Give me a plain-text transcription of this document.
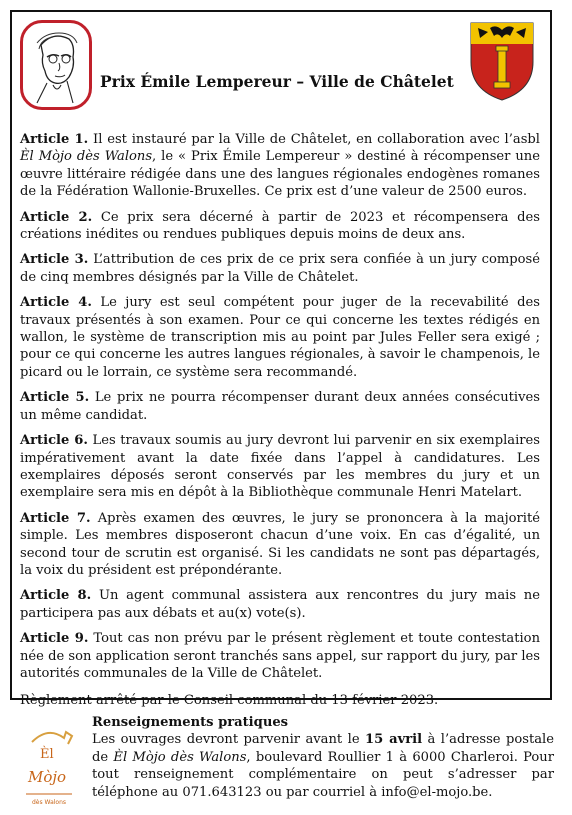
Prix Émile Lempereur – Ville de Châtelet

Article 1. Il est instauré par la Ville de Châtelet, en collaboration avec l’asbl Èl Mòjo dès Walons, le « Prix Émile Lempereur » destiné à récompenser une œuvre littéraire rédigée dans une des langues régionales endogènes romanes de la Fédération Wallonie-Bruxelles. Ce prix est d’une valeur de 2500 euros.

Article 2. Ce prix sera décerné à partir de 2023 et récompensera des créations inédites ou rendues publiques depuis moins de deux ans.

Article 3. L’attribution de ces prix de ce prix sera confiée à un jury composé de cinq membres désignés par la Ville de Châtelet.

Article 4. Le jury est seul compétent pour juger de la recevabilité des travaux présentés à son examen. Pour ce qui concerne les textes rédigés en wallon, le système de transcription mis au point par Jules Feller sera exigé ; pour ce qui concerne les autres langues régionales, à savoir le champenois, le picard ou le lorrain, ce système sera recommandé.

Article 5. Le prix ne pourra récompenser durant deux années consécutives un même candidat.

Article 6. Les travaux soumis au jury devront lui parvenir en six exemplaires impérativement avant la date fixée dans l’appel à candidatures. Les exemplaires déposés seront conservés par les membres du jury et un exemplaire sera mis en dépôt à la Bibliothèque communale Henri Matelart.

Article 7. Après examen des œuvres, le jury se prononcera à la majorité simple. Les membres disposeront chacun d’une voix. En cas d’égalité, un second tour de scrutin est organisé. Si les candidats ne sont pas départagés, la voix du président est prépondérante.

Article 8. Un agent communal assistera aux rencontres du jury mais ne participera pas aux débats et au(x) vote(s).

Article 9. Tout cas non prévu par le présent règlement et toute contestation née de son application seront tranchés sans appel, sur rapport du jury, par les autorités communales de la Ville de Châtelet.

Règlement arrêté par le Conseil communal du 13 février 2023.

Èl
Mòjo
dès Walons
Renseignements pratiques
Les ouvrages devront parvenir avant le 15 avril à l’adresse postale de Èl Mòjo dès Walons, boulevard Roullier 1 à 6000 Charleroi. Pour tout renseignement complémentaire on peut s’adresser par téléphone au 071.643123 ou par courriel à info@el-mojo.be.
